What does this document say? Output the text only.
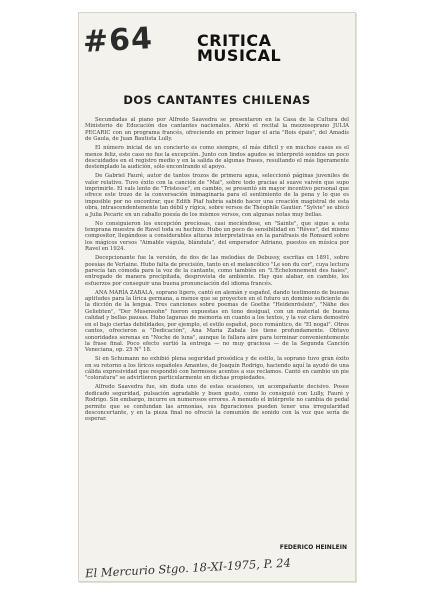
#64	CRITICA
MUSICAL
DOS CANTANTES CHILENAS

Secundadas al piano por Alfredo Saavedra se presentaron en la Casa de la Cultura del Ministerio de Educación dos cantantes nacionales. Abrió el recital la mezzosoprano JULIA PECARIC con un programa francés, ofreciendo en primer lugar el aria "Bois épais", del Amadís de Gaula, de Juan Bautista Lully.

El número inicial de un concierto es como siempre, el más dificil y en muchos casos es el menos feliz, este caso no fue la excepción. Junto con lindos agudos se interpretó sonidos un poco descuidados en el registro medio y en la salida de algunas frases, resultando el más ligeramente destemplado la audición, sólo encontrando el apoyo.

De Gabriel Fauré, autor de tantos trozos de primera agua, seleccionó páginas juveniles de valor relativo. Tuvo éxito con la canción de "Mai", sobre todo gracias al suave vaivén que supo imprimirle. El vals lento de "Tristesse", en cambio, se presentó sin mayor incentivo personal que ofrece este trozo de la conversación inimaginaria para el sentimiento de la pena y lo que es imposible por no encontrar, que Edith Piaf habría sabido hacer una creación magistral de esta obra, intrascendentemente tan débil y rígica, sobre versos de Théophile Gautier. "Sylvie" se ubicó a Julia Pecaric en un caballo poesía de los mismos versos, con algunas notas muy bellas.

No consiguieron los excepción preciosas, casi meciéndose, en "Sainte", que sigue a esta temprana muestra de Ravel toda su hechizo. Hubo un poco de sensibilidad en "Rêves", del mismo compositor, llegándose a considerables alturas interpretativas en la paráfrasis de Ronsard sobre los mágicos versos "Aimable vágula, blándula", del emperador Adriano, puestos en música por Ravel en 1924.

Decepcionante fue la versión, de dos de las melodías de Debussy, escritas en 1891, sobre poesías de Verlaine. Hubo falta de precisión, tanto en el melancólico "Le son du cor", cuya lectura parecía tan cómoda para la voz de la cantante, como también en "L'Échelonnement des haies", entregado de manera precipitada, desprovista de ambiente. Hay que alabar, en cambio, los esfuerzos por conseguir una buena pronunciación del idioma francés.

ANA MARÍA ZABALA, soprano ligero, cantó en alemán y español, dando testimonio de buenas aptitudes para la lírica germana, a menos que se proyecten en el futuro un dominio suficiente de la dicción de la lengua. Tres canciones sobre poemas de Goethe "Heidenröslein", "Nähe des Geliebten", "Der Musensohn" fueron expuestas en tono desigual, con un material de buena calidad y bellas pausas. Hubo lagunas de memoria en cuanto a los textos, y la voz clara demostró en el bajo ciertas debilidades, por ejemplo, el estilo español, poco romántico, de "El nogal". Otros cantos, ofrecieron a "Dedicación", Ana María Zabala los tiene profundamente. Obtuvo sonoridades serenas en "Noche de luna", aunque le fallara aire para terminar convenientemente la frase final. Poco efecto surtió la entrega — no muy graciosa — de la Segunda Canción Veneciana, op. 25 N° 18.

Si en Schumann no exhibió plena seguridad prosódica y de estilo, la soprano tuvo gran éxito en su retorno a los líricos españoles Amantes, de Joaquín Rodrigo, haciendo aquí la ayudó de una cálida expresividad que respondió con hermosos acentos a sus reclamos. Cantó en cambio un pie "coloratura" se advirtieron particularmente en dichas propiedades.

Alfredo Saavedra fue, sin duda uno de estas ocasiones, un acompañante decisivo. Posee dedicado seguridad, pulsación agradable y buen gusto, como lo consiguió con Lully, Fauré y Rodrigo. Sin embargo, incurre en numerosos errores. A menudo el intérprete no cambia de pedal permite que se confundan las armonías, sus figuraciones pueden tener una irregularidad desconcertante, y en la pieza final no ofreció la comunión de sonido con la voz que sería de esperar.

FEDERICO HEINLEIN
El Mercurio Stgo. 18-XI-1975, P. 24
